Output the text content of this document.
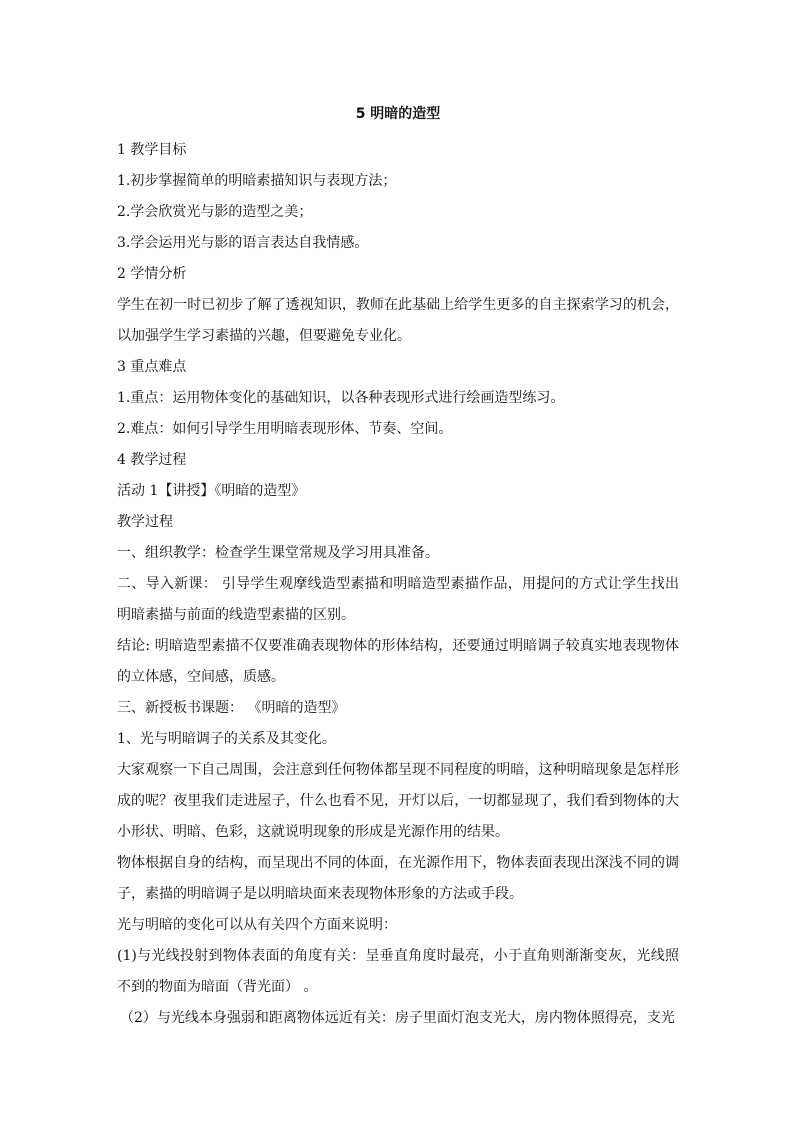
5 明暗的造型
1 教学目标
1.初步掌握简单的明暗素描知识与表现方法；
2.学会欣赏光与影的造型之美；
3.学会运用光与影的语言表达自我情感。
2 学情分析
学生在初一时已初步了解了透视知识，教师在此基础上给学生更多的自主探索学习的机会，以加强学生学习素描的兴趣，但要避免专业化。
3 重点难点
1.重点：运用物体变化的基础知识，以各种表现形式进行绘画造型练习。
2.难点：如何引导学生用明暗表现形体、节奏、空间。
4 教学过程
活动 1【讲授】《明暗的造型》
教学过程
一、组织教学：检查学生课堂常规及学习用具准备。
二、导入新课： 引导学生观摩线造型素描和明暗造型素描作品，用提问的方式让学生找出明暗素描与前面的线造型素描的区别。
结论: 明暗造型素描不仅要准确表现物体的形体结构，还要通过明暗调子较真实地表现物体的立体感，空间感，质感。
三、新授板书课题： 《明暗的造型》
1、光与明暗调子的关系及其变化。
大家观察一下自己周围，会注意到任何物体都呈现不同程度的明暗，这种明暗现象是怎样形成的呢？夜里我们走进屋子，什么也看不见，开灯以后，一切都显现了，我们看到物体的大小形状、明暗、色彩，这就说明现象的形成是光源作用的结果。
物体根据自身的结构，而呈现出不同的体面，在光源作用下，物体表面表现出深浅不同的调子，素描的明暗调子是以明暗块面来表现物体形象的方法或手段。
光与明暗的变化可以从有关四个方面来说明：
(1)与光线投射到物体表面的角度有关：呈垂直角度时最亮，小于直角则渐渐变灰，光线照不到的物面为暗面（背光面） 。
（2）与光线本身强弱和距离物体远近有关：房子里面灯泡支光大，房内物体照得亮，支光
